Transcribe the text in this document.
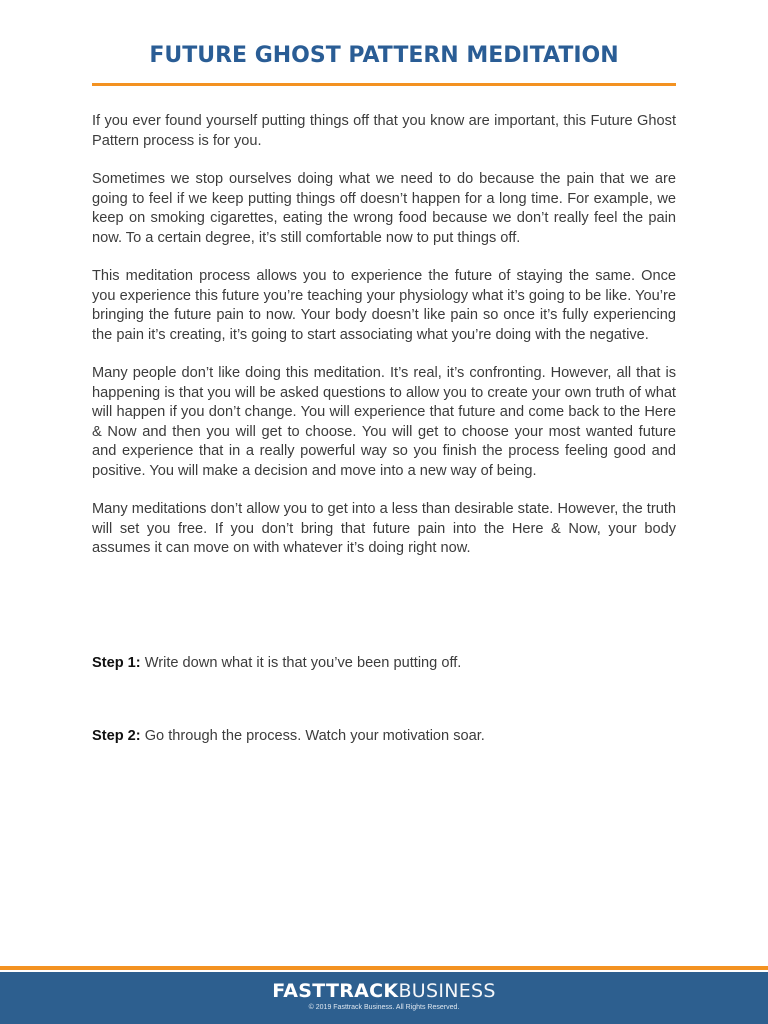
FUTURE GHOST PATTERN MEDITATION

If you ever found yourself putting things off that you know are important, this Future Ghost Pattern process is for you.

Sometimes we stop ourselves doing what we need to do because the pain that we are going to feel if we keep putting things off doesn’t happen for a long time. For example, we keep on smoking cigarettes, eating the wrong food because we don’t really feel the pain now. To a certain degree, it’s still comfortable now to put things off.

This meditation process allows you to experience the future of staying the same. Once you experience this future you’re teaching your physiology what it’s going to be like. You’re bringing the future pain to now. Your body doesn’t like pain so once it’s fully experiencing the pain it’s creating, it’s going to start associating what you’re doing with the negative.

Many people don’t like doing this meditation. It’s real, it’s confronting. However, all that is happening is that you will be asked questions to allow you to create your own truth of what will happen if you don’t change. You will experience that future and come back to the Here & Now and then you will get to choose. You will get to choose your most wanted future and experience that in a really powerful way so you finish the process feeling good and positive. You will make a decision and move into a new way of being.

Many meditations don’t allow you to get into a less than desirable state. However, the truth will set you free. If you don’t bring that future pain into the Here & Now, your body assumes it can move on with whatever it’s doing right now.

Step 1: Write down what it is that you’ve been putting off.

Step 2: Go through the process. Watch your motivation soar.

FASTTRACKBUSINESS
© 2019 Fasttrack Business. All Rights Reserved.
